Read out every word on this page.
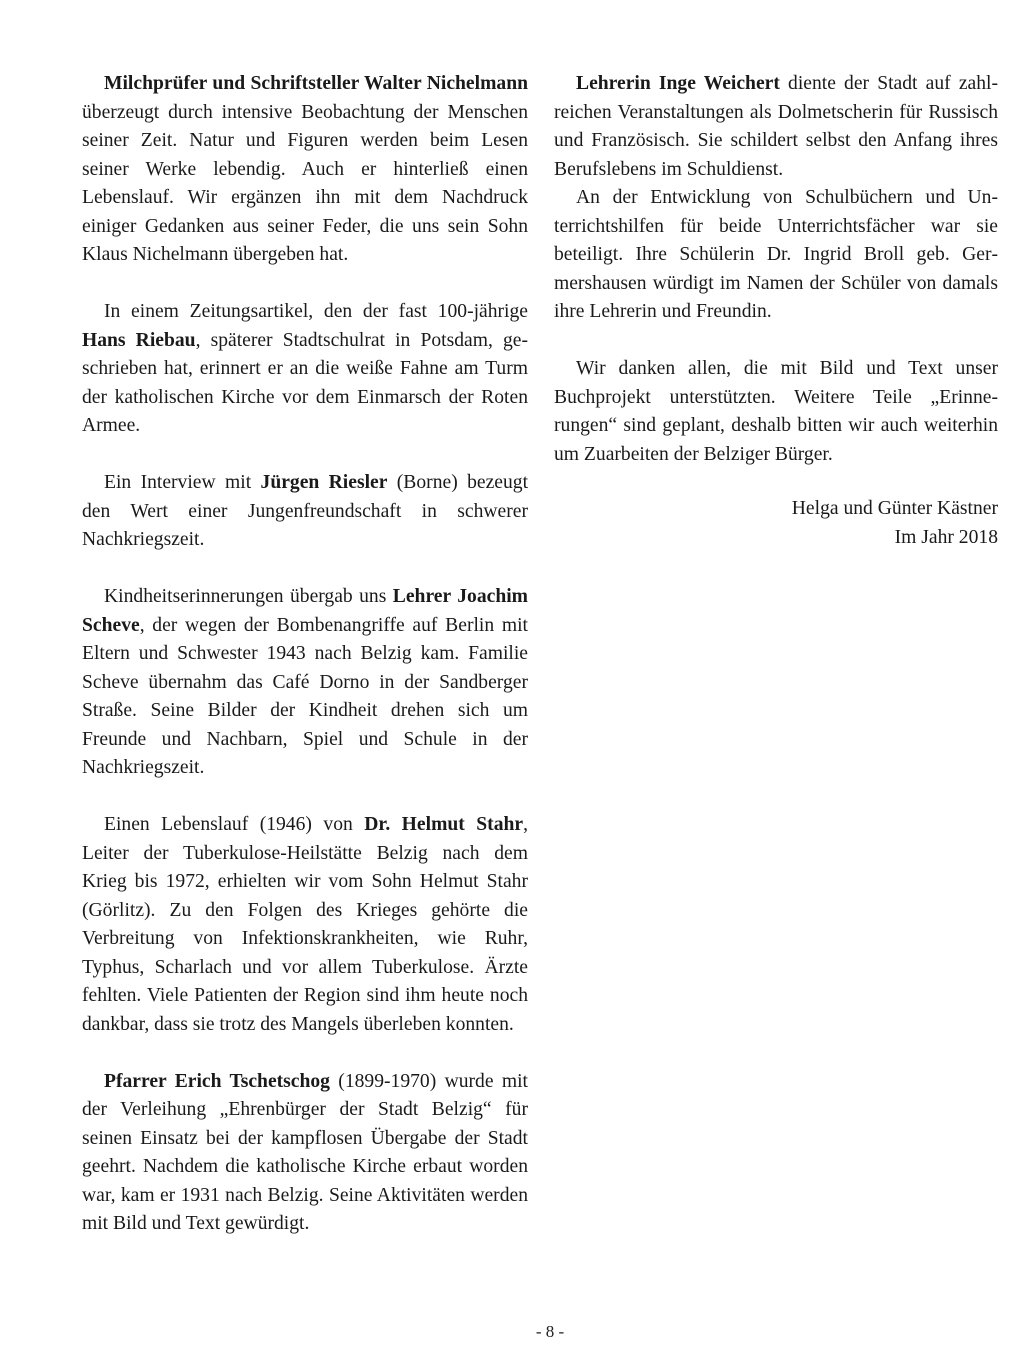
Milchprüfer und Schriftsteller Walter Nichelmann überzeugt durch intensive Beobachtung der Menschen seiner Zeit. Natur und Figuren werden beim Lesen seiner Werke lebendig. Auch er hinterließ einen Lebenslauf. Wir ergänzen ihn mit dem Nachdruck einiger Gedanken aus seiner Feder, die uns sein Sohn Klaus Nichelmann übergeben hat.

In einem Zeitungsartikel, den der fast 100-jährige Hans Riebau, späterer Stadtschulrat in Potsdam, geschrieben hat, erinnert er an die weiße Fahne am Turm der katholischen Kirche vor dem Einmarsch der Roten Armee.

Ein Interview mit Jürgen Riesler (Borne) bezeugt den Wert einer Jungenfreundschaft in schwerer Nachkriegszeit.

Kindheitserinnerungen übergab uns Lehrer Joachim Scheve, der wegen der Bombenangriffe auf Berlin mit Eltern und Schwester 1943 nach Belzig kam. Familie Scheve übernahm das Café Dorno in der Sandberger Straße. Seine Bilder der Kindheit drehen sich um Freunde und Nachbarn, Spiel und Schule in der Nachkriegszeit.

Einen Lebenslauf (1946) von Dr. Helmut Stahr, Leiter der Tuberkulose-Heilstätte Belzig nach dem Krieg bis 1972, erhielten wir vom Sohn Helmut Stahr (Görlitz). Zu den Folgen des Krieges gehörte die Verbreitung von Infektionskrankheiten, wie Ruhr, Typhus, Scharlach und vor allem Tuberkulose. Ärzte fehlten. Viele Patienten der Region sind ihm heute noch dankbar, dass sie trotz des Mangels überleben konnten.

Pfarrer Erich Tschetschog (1899-1970) wurde mit der Verleihung „Ehrenbürger der Stadt Belzig“ für seinen Einsatz bei der kampflosen Übergabe der Stadt geehrt. Nachdem die katholische Kirche erbaut worden war, kam er 1931 nach Belzig. Seine Aktivitäten werden mit Bild und Text gewürdigt.

Lehrerin Inge Weichert diente der Stadt auf zahlreichen Veranstaltungen als Dolmetscherin für Russisch und Französisch. Sie schildert selbst den Anfang ihres Berufslebens im Schuldienst.

An der Entwicklung von Schulbüchern und Unterrichtshilfen für beide Unterrichtsfächer war sie beteiligt. Ihre Schülerin Dr. Ingrid Broll geb. Germershausen würdigt im Namen der Schüler von damals ihre Lehrerin und Freundin.

Wir danken allen, die mit Bild und Text unser Buchprojekt unterstützten. Weitere Teile „Erinnerungen“ sind geplant, deshalb bitten wir auch weiterhin um Zuarbeiten der Belziger Bürger.

Helga und Günter Kästner
Im Jahr 2018
- 8 -
